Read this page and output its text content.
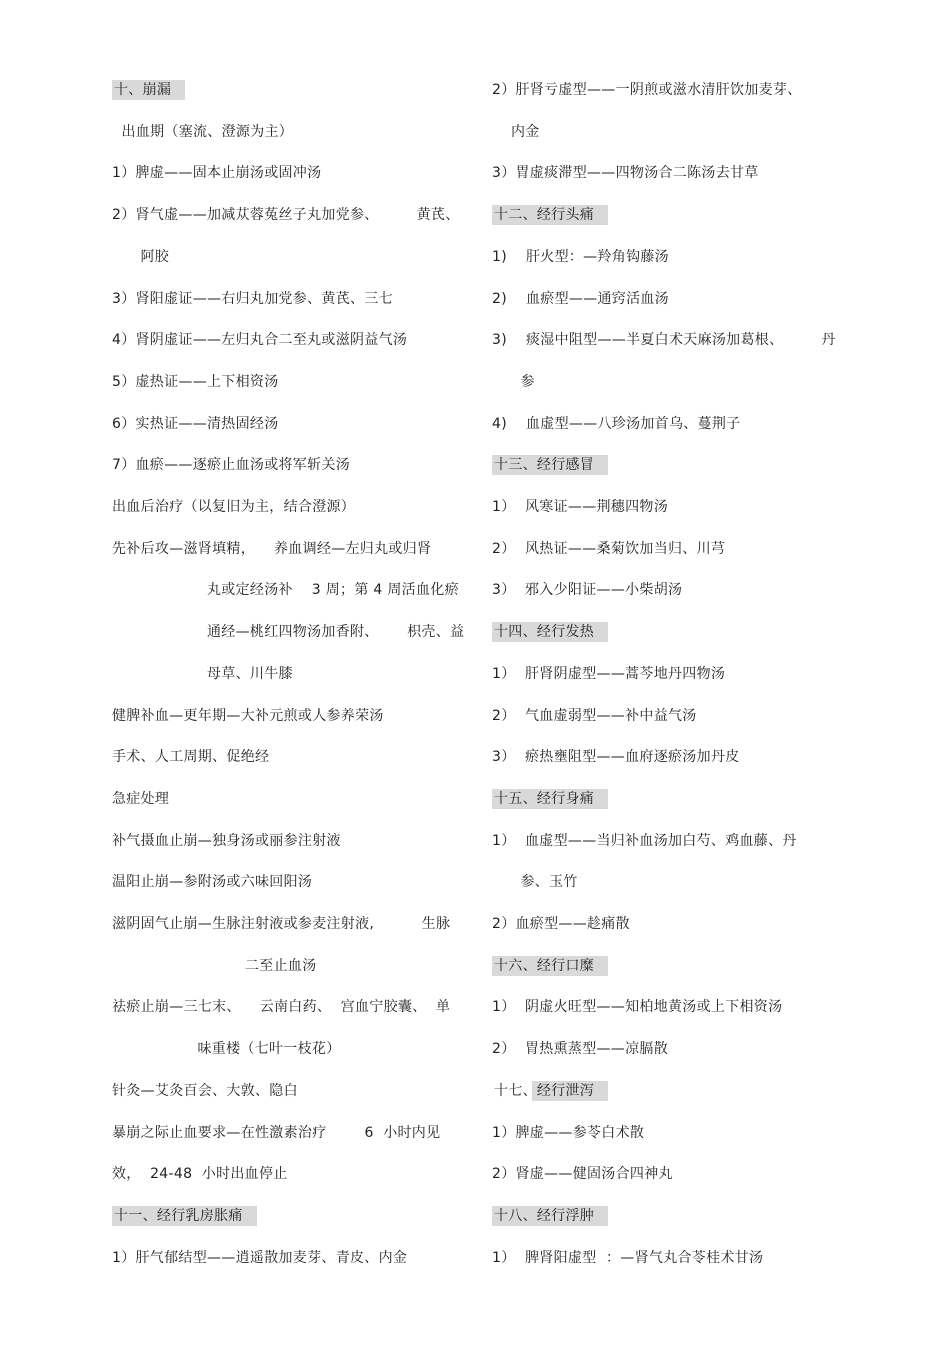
十、崩漏
出血期（塞流、澄源为主）
1）脾虚——固本止崩汤或固冲汤
2）肾气虚——加减苁蓉菟丝子丸加党参、        黄芪、
阿胶
3）肾阳虚证——右归丸加党参、黄芪、三七
4）肾阴虚证——左归丸合二至丸或滋阴益气汤
5）虚热证——上下相资汤
6）实热证——清热固经汤
7）血瘀——逐瘀止血汤或将军斩关汤
出血后治疗（以复旧为主，结合澄源）
先补后攻—滋肾填精，    养血调经—左归丸或归肾
丸或定经汤补    3 周；第 4 周活血化瘀
通经—桃红四物汤加香附、      枳壳、益
母草、川牛膝
健脾补血—更年期—大补元煎或人参养荣汤
手术、人工周期、促绝经
急症处理
补气摄血止崩—独身汤或丽参注射液
温阳止崩—参附汤或六味回阳汤
滋阴固气止崩—生脉注射液或参麦注射液,          生脉
二至止血汤
祛瘀止崩—三七末、    云南白药、  宫血宁胶囊、  单
味重楼（七叶一枝花）
针灸—艾灸百会、大敦、隐白
暴崩之际止血要求—在性激素治疗        6  小时内见
效，  24-48  小时出血停止
十一、经行乳房胀痛
1）肝气郁结型——逍遥散加麦芽、青皮、内金
2）肝肾亏虚型——一阴煎或滋水清肝饮加麦芽、
内金
3）胃虚痰滞型——四物汤合二陈汤去甘草
十二、经行头痛
1)    肝火型：—羚角钩藤汤
2)    血瘀型——通窍活血汤
3)    痰湿中阻型——半夏白术天麻汤加葛根、        丹
参
4)    血虚型——八珍汤加首乌、蔓荆子
十三、经行感冒
1）  风寒证——荆穗四物汤
2）  风热证——桑菊饮加当归、川芎
3）  邪入少阳证——小柴胡汤
十四、经行发热
1）  肝肾阴虚型——蒿芩地丹四物汤
2）  气血虚弱型——补中益气汤
3）  瘀热壅阻型——血府逐瘀汤加丹皮
十五、经行身痛
1）  血虚型——当归补血汤加白芍、鸡血藤、丹
参、玉竹
2）血瘀型——趁痛散
十六、经行口糜
1）  阴虚火旺型——知柏地黄汤或上下相资汤
2）  胃热熏蒸型——凉膈散
十七、经行泄泻
1）脾虚——参苓白术散
2）肾虚——健固汤合四神丸
十八、经行浮肿
1）  脾肾阳虚型  ：—肾气丸合苓桂术甘汤
